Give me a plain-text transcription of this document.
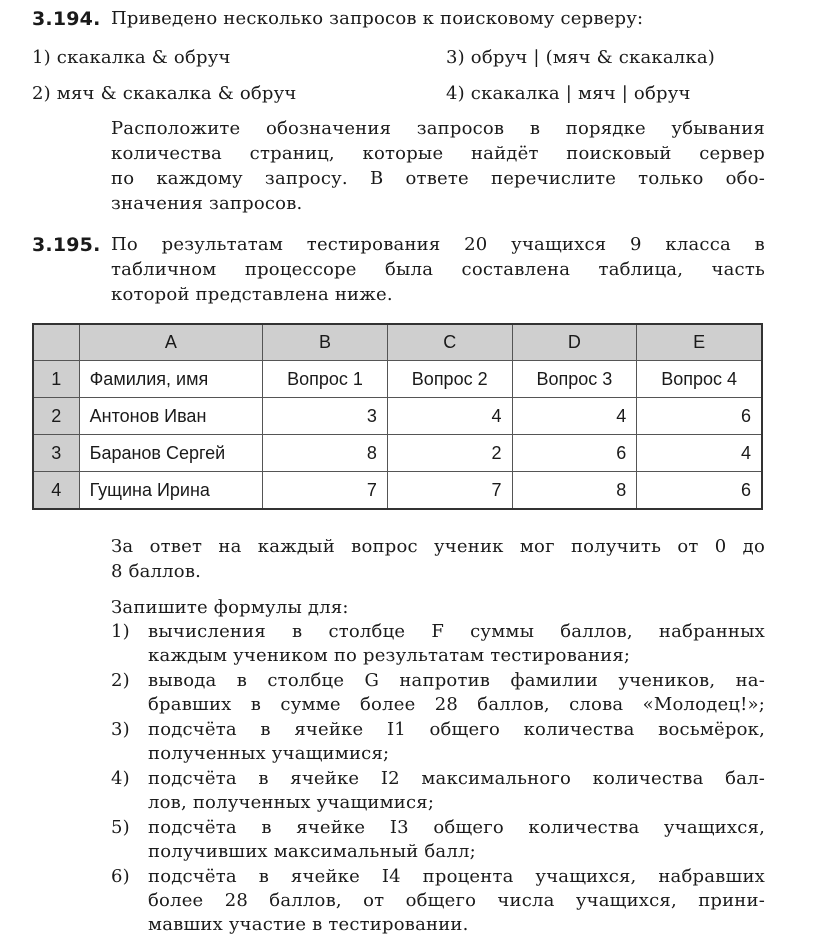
3.194. Приведено несколько запросов к поисковому серверу:
1) скакалка & обруч
2) мяч & скакалка & обруч
3) обруч | (мяч & скакалка)
4) скакалка | мяч | обруч
Расположите обозначения запросов в порядке убывания
количества страниц, которые найдёт поисковый сервер
по каждому запросу. В ответе перечислите только обо-
значения запросов.
3.195. По результатам тестирования 20 учащихся 9 класса в
табличном процессоре была составлена таблица, часть
которой представлена ниже.
	A	B	C	D	E
1	Фамилия, имя	Вопрос 1	Вопрос 2	Вопрос 3	Вопрос 4
2	Антонов Иван	3	4	4	6
3	Баранов Сергей	8	2	6	4
4	Гущина Ирина	7	7	8	6
За ответ на каждый вопрос ученик мог получить от 0 до
8 баллов.
Запишите формулы для:
1) вычисления в столбце F суммы баллов, набранных
каждым учеником по результатам тестирования;
2) вывода в столбце G напротив фамилии учеников, на-
бравших в сумме более 28 баллов, слова «Молодец!»;
3) подсчёта в ячейке I1 общего количества восьмёрок,
полученных учащимися;
4) подсчёта в ячейке I2 максимального количества бал-
лов, полученных учащимися;
5) подсчёта в ячейке I3 общего количества учащихся,
получивших максимальный балл;
6) подсчёта в ячейке I4 процента учащихся, набравших
более 28 баллов, от общего числа учащихся, прини-
мавших участие в тестировании.
